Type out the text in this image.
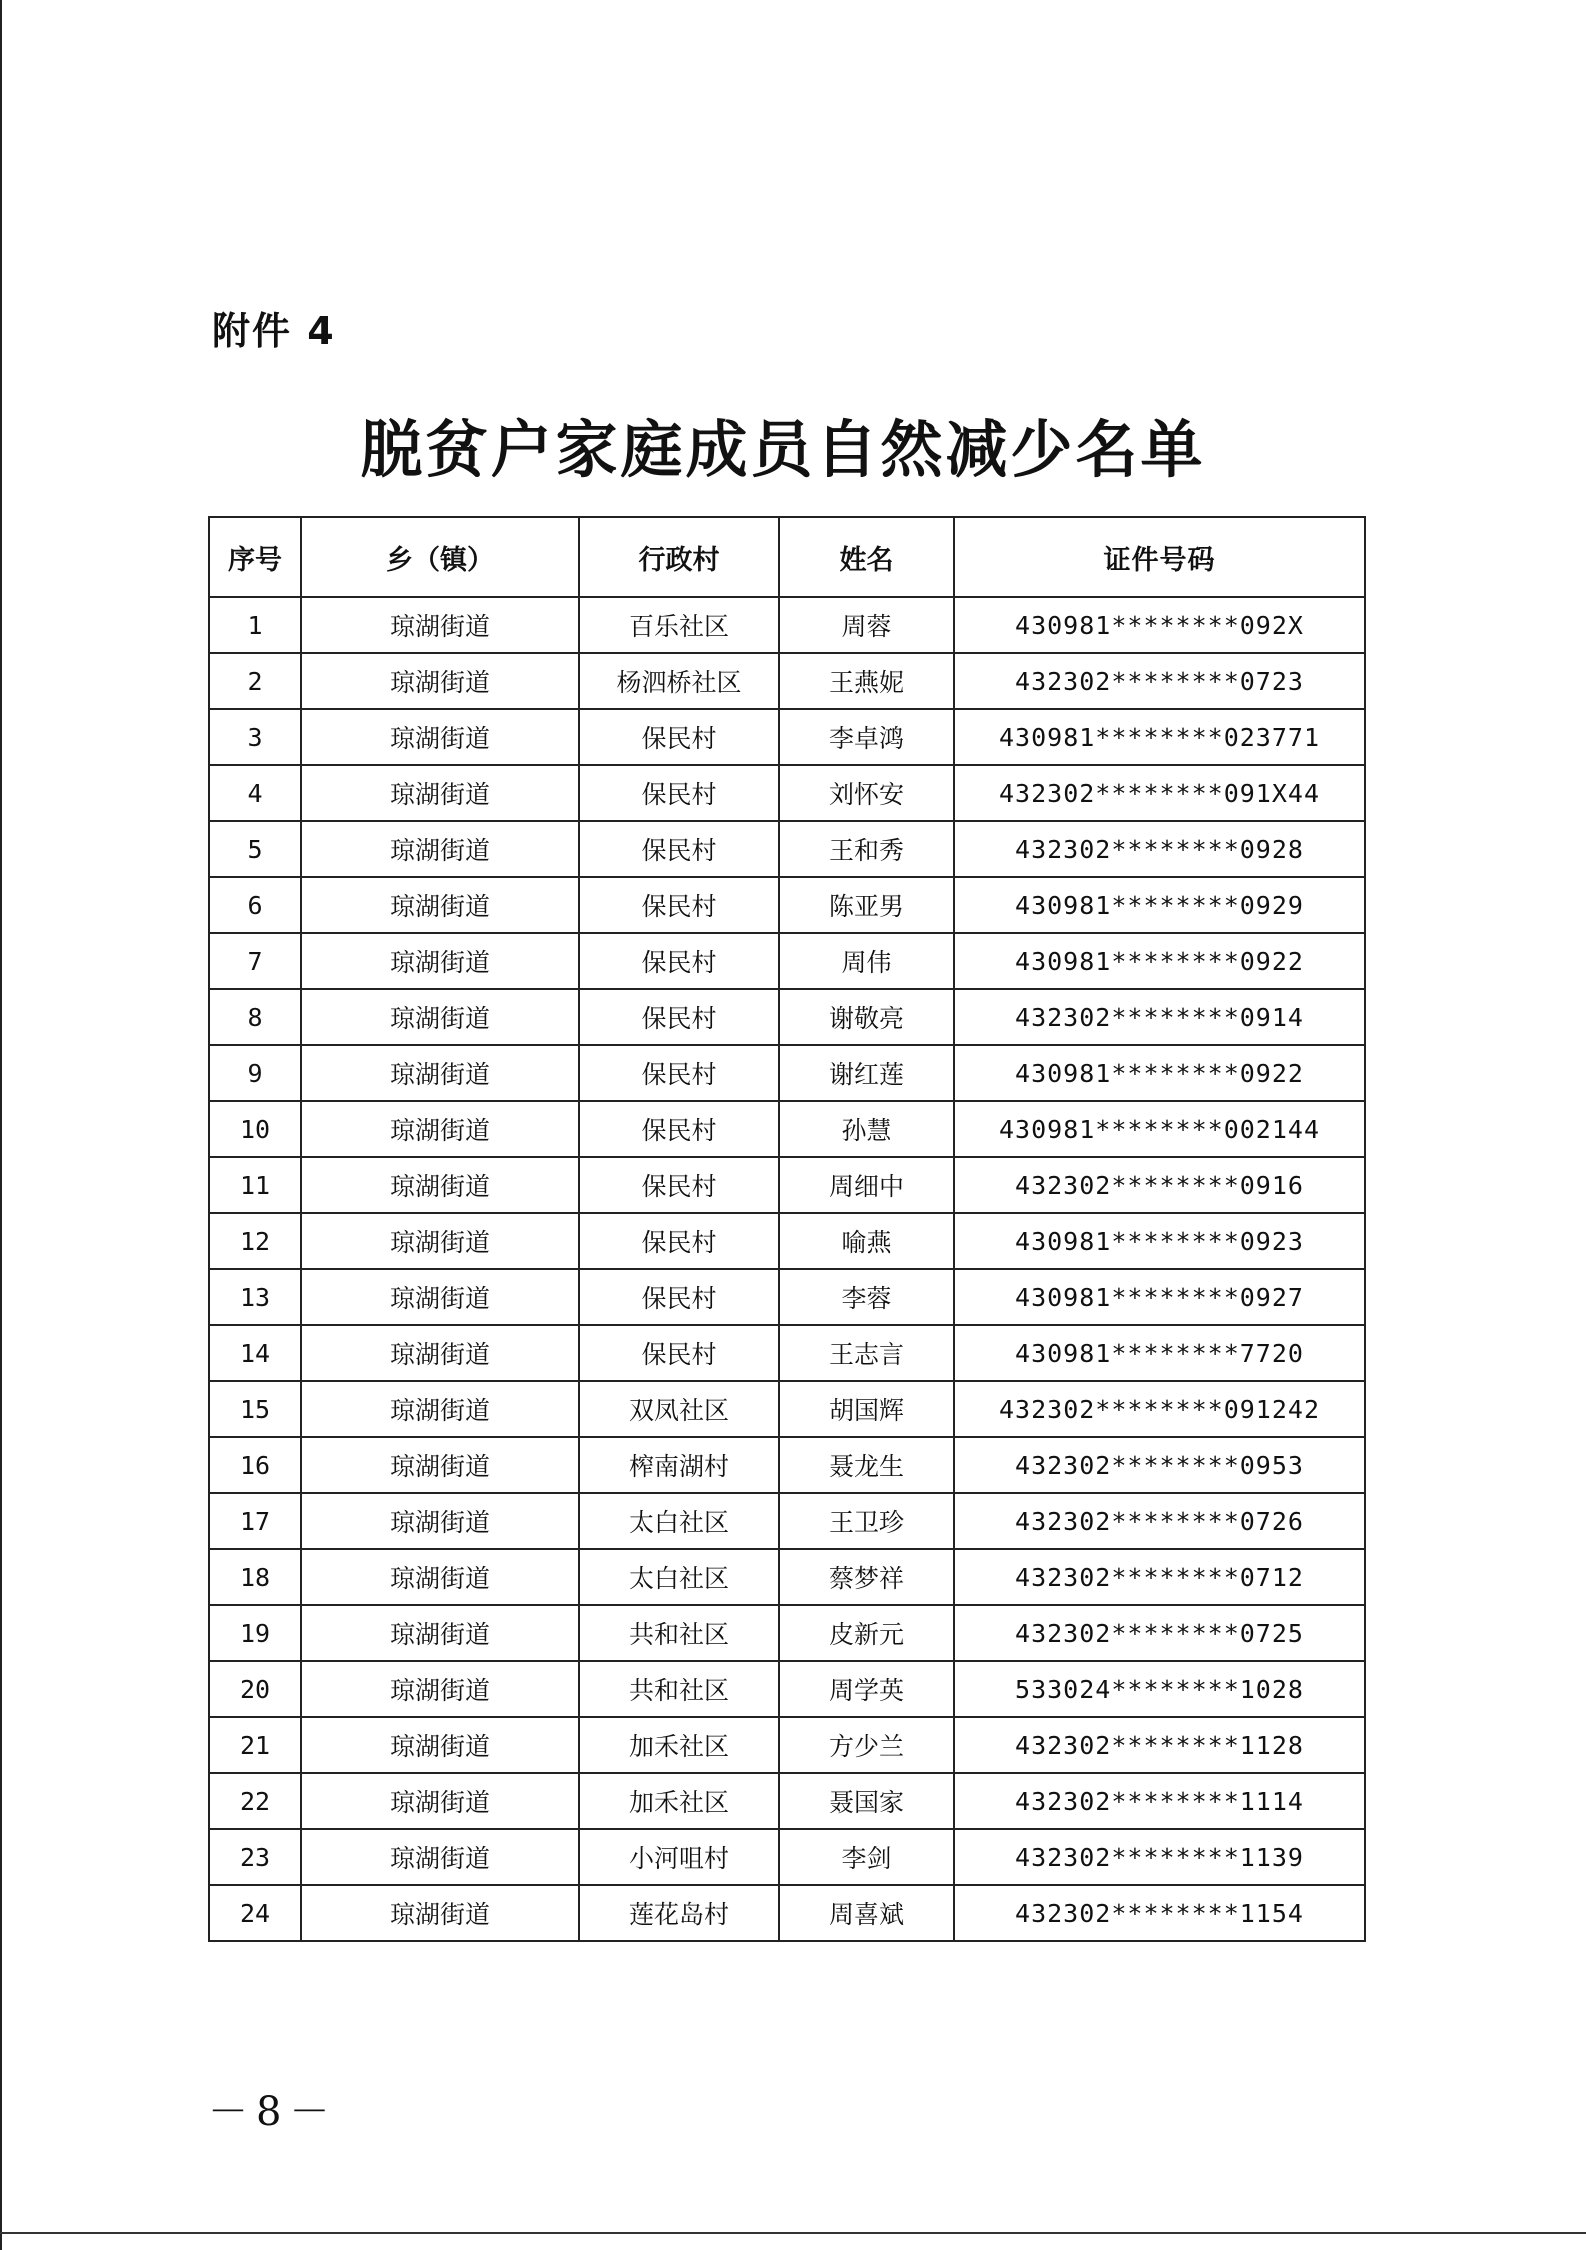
附件 4
脱贫户家庭成员自然减少名单
序号	乡（镇）	行政村	姓名	证件号码
1	琼湖街道	百乐社区	周蓉	430981********092X
2	琼湖街道	杨泗桥社区	王燕妮	432302********0723
3	琼湖街道	保民村	李卓鸿	430981********023771
4	琼湖街道	保民村	刘怀安	432302********091X44
5	琼湖街道	保民村	王和秀	432302********0928
6	琼湖街道	保民村	陈亚男	430981********0929
7	琼湖街道	保民村	周伟	430981********0922
8	琼湖街道	保民村	谢敬亮	432302********0914
9	琼湖街道	保民村	谢红莲	430981********0922
10	琼湖街道	保民村	孙慧	430981********002144
11	琼湖街道	保民村	周细中	432302********0916
12	琼湖街道	保民村	喻燕	430981********0923
13	琼湖街道	保民村	李蓉	430981********0927
14	琼湖街道	保民村	王志言	430981********7720
15	琼湖街道	双凤社区	胡国辉	432302********091242
16	琼湖街道	榨南湖村	聂龙生	432302********0953
17	琼湖街道	太白社区	王卫珍	432302********0726
18	琼湖街道	太白社区	蔡梦祥	432302********0712
19	琼湖街道	共和社区	皮新元	432302********0725
20	琼湖街道	共和社区	周学英	533024********1028
21	琼湖街道	加禾社区	方少兰	432302********1128
22	琼湖街道	加禾社区	聂国家	432302********1114
23	琼湖街道	小河咀村	李剑	432302********1139
24	琼湖街道	莲花岛村	周喜斌	432302********1154
－8－
